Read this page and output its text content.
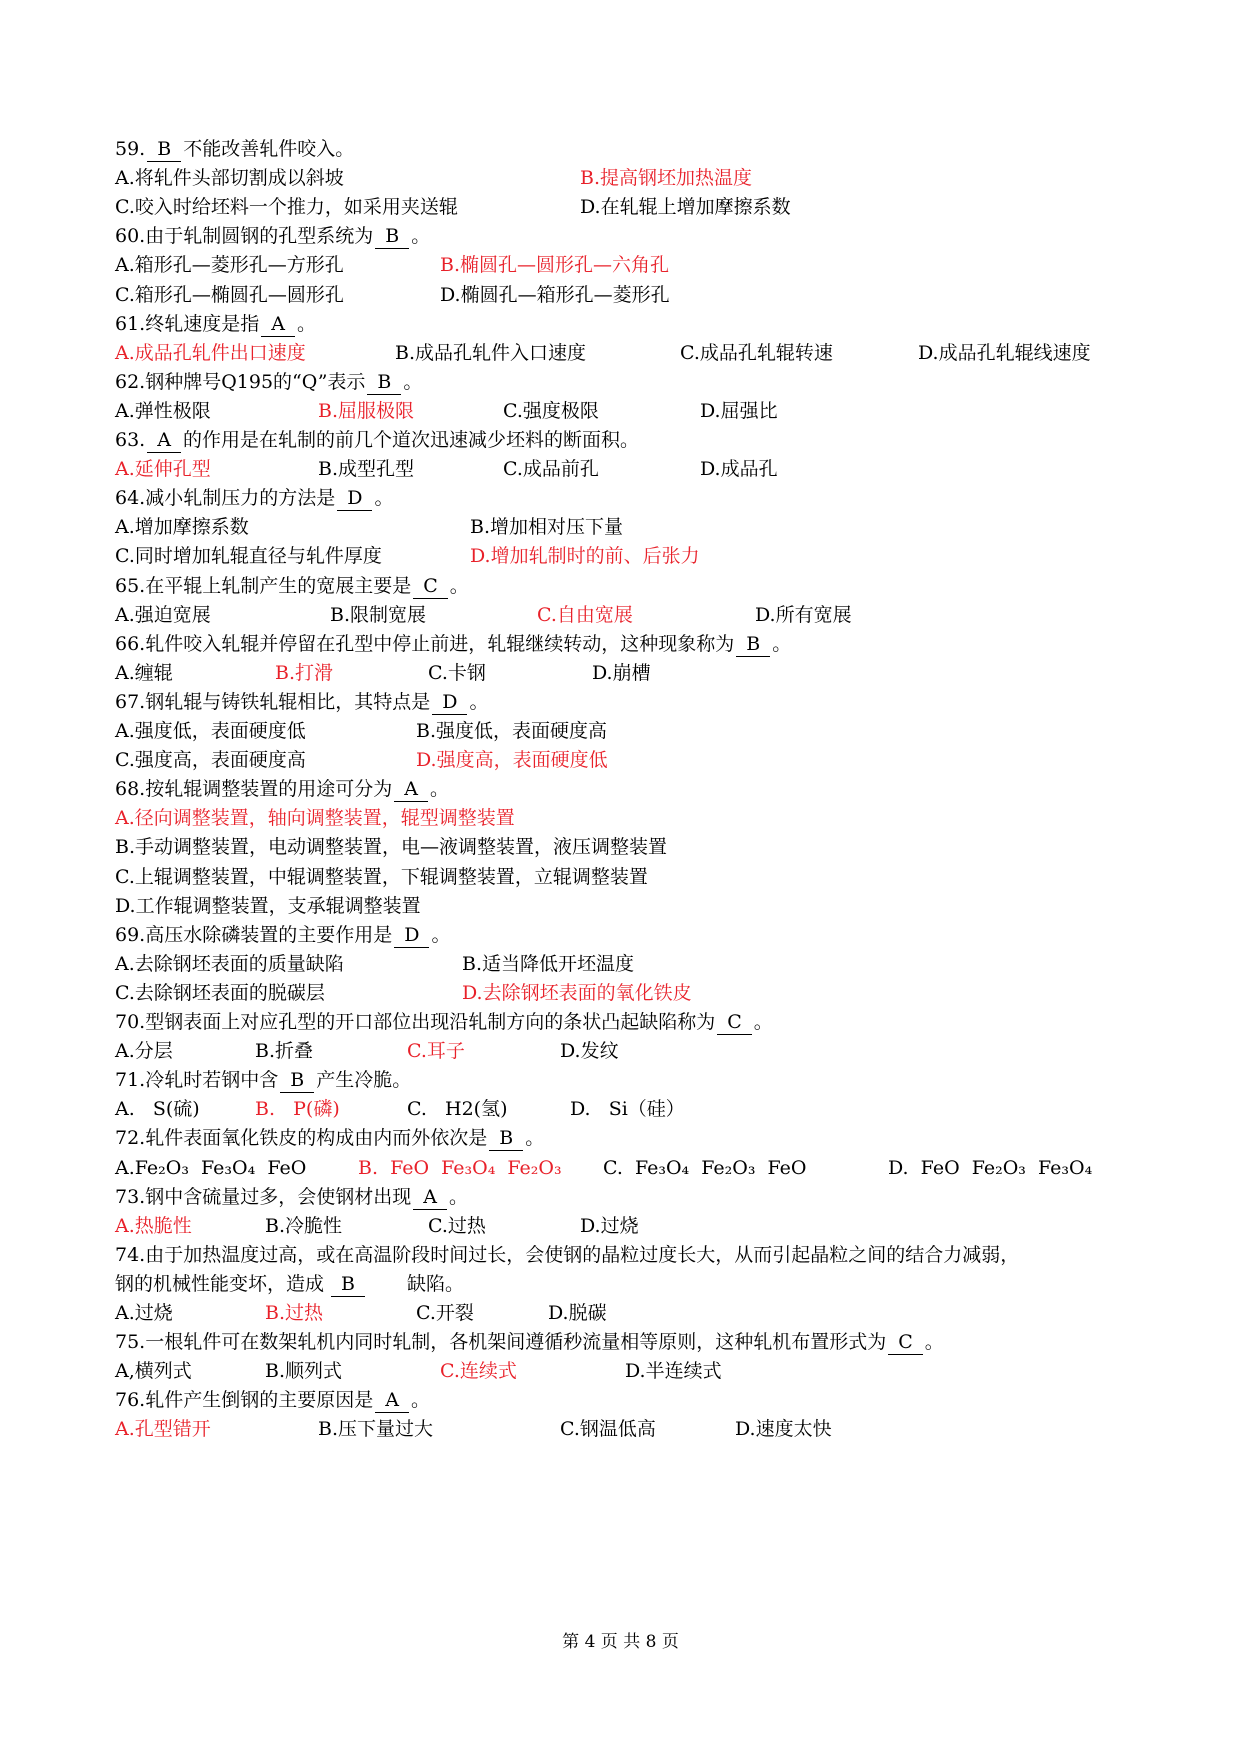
59. B 不能改善轧件咬入。
A.将轧件头部切割成以斜坡	B.提高钢坯加热温度
C.咬入时给坯料一个推力，如采用夹送辊	D.在轧辊上增加摩擦系数
60.由于轧制圆钢的孔型系统为 B 。
A.箱形孔—菱形孔—方形孔	B.椭圆孔—圆形孔—六角孔
C.箱形孔—椭圆孔—圆形孔	D.椭圆孔—箱形孔—菱形孔
61.终轧速度是指 A 。
A.成品孔轧件出口速度	B.成品孔轧件入口速度	C.成品孔轧辊转速	D.成品孔轧辊线速度
62.钢种牌号Q195的“Q”表示 B 。
A.弹性极限	B.屈服极限	C.强度极限	D.屈强比
63. A 的作用是在轧制的前几个道次迅速减少坯料的断面积。
A.延伸孔型	B.成型孔型	C.成品前孔	D.成品孔
64.减小轧制压力的方法是 D 。
A.增加摩擦系数	B.增加相对压下量
C.同时增加轧辊直径与轧件厚度	D.增加轧制时的前、后张力
65.在平辊上轧制产生的宽展主要是 C 。
A.强迫宽展	B.限制宽展	C.自由宽展	D.所有宽展
66.轧件咬入轧辊并停留在孔型中停止前进，轧辊继续转动，这种现象称为 B 。
A.缠辊	B.打滑	C.卡钢	D.崩槽
67.钢轧辊与铸铁轧辊相比，其特点是 D 。
A.强度低，表面硬度低	B.强度低，表面硬度高
C.强度高，表面硬度高	D.强度高，表面硬度低
68.按轧辊调整装置的用途可分为 A 。
A.径向调整装置，轴向调整装置，辊型调整装置
B.手动调整装置，电动调整装置，电—液调整装置，液压调整装置
C.上辊调整装置，中辊调整装置，下辊调整装置，立辊调整装置
D.工作辊调整装置，支承辊调整装置
69.高压水除磷装置的主要作用是 D 。
A.去除钢坯表面的质量缺陷	B.适当降低开坯温度
C.去除钢坯表面的脱碳层	D.去除钢坯表面的氧化铁皮
70.型钢表面上对应孔型的开口部位出现沿轧制方向的条状凸起缺陷称为 C 。
A.分层	B.折叠	C.耳子	D.发纹
71.冷轧时若钢中含 B 产生冷脆。
A.   S(硫)	B.   P(磷)	C.   H2(氢)	D.   Si（硅）
72.轧件表面氧化铁皮的构成由内而外依次是 B 。
A.Fe₂O₃  Fe₃O₄  FeO	B.  FeO  Fe₃O₄  Fe₂O₃ C.  Fe₃O₄  Fe₂O₃  FeO	D.  FeO  Fe₂O₃  Fe₃O₄
73.钢中含硫量过多，会使钢材出现 A 。
A.热脆性	B.冷脆性	C.过热	D.过烧
74.由于加热温度过高，或在高温阶段时间过长，会使钢的晶粒过度长大，从而引起晶粒之间的结合力减弱，
钢的机械性能变坏，造成 B	缺陷。
A.过烧	B.过热	C.开裂	D.脱碳
75.一根轧件可在数架轧机内同时轧制，各机架间遵循秒流量相等原则，这种轧机布置形式为 C 。
A,横列式	B.顺列式	C.连续式	D.半连续式
76.轧件产生倒钢的主要原因是 A 。
A.孔型错开	B.压下量过大	C.钢温低高	D.速度太快
第 4 页 共 8 页
